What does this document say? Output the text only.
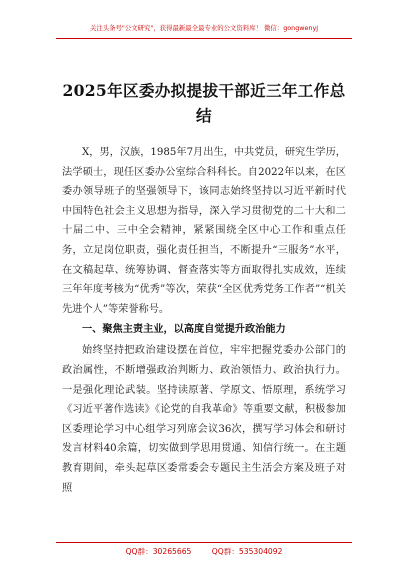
关注头条号"公文研究"，获得最新最全最专业的公文资料库！ 微信：gongwenyj
2025年区委办拟提拔干部近三年工作总结

X，男，汉族，1985年7月出生，中共党员，研究生学历，法学硕士，现任区委办公室综合科科长。自2022年以来，在区委办领导班子的坚强领导下，该同志始终坚持以习近平新时代中国特色社会主义思想为指导，深入学习贯彻党的二十大和二十届二中、三中全会精神，紧紧围绕全区中心工作和重点任务，立足岗位职责，强化责任担当，不断提升“三服务”水平，在文稿起草、统筹协调、督查落实等方面取得扎实成效，连续三年年度考核为“优秀”等次，荣获“全区优秀党务工作者”“机关先进个人”等荣誉称号。

一、聚焦主责主业，以高度自觉提升政治能力

始终坚持把政治建设摆在首位，牢牢把握党委办公部门的政治属性，不断增强政治判断力、政治领悟力、政治执行力。一是强化理论武装。坚持读原著、学原文、悟原理，系统学习《习近平著作选读》《论党的自我革命》等重要文献，积极参加区委理论学习中心组学习列席会议36次，撰写学习体会和研讨发言材料40余篇，切实做到学思用贯通、知信行统一。在主题教育期间，牵头起草区委常委会专题民主生活会方案及班子对照

QQ群：30265665 QQ群：535304092
